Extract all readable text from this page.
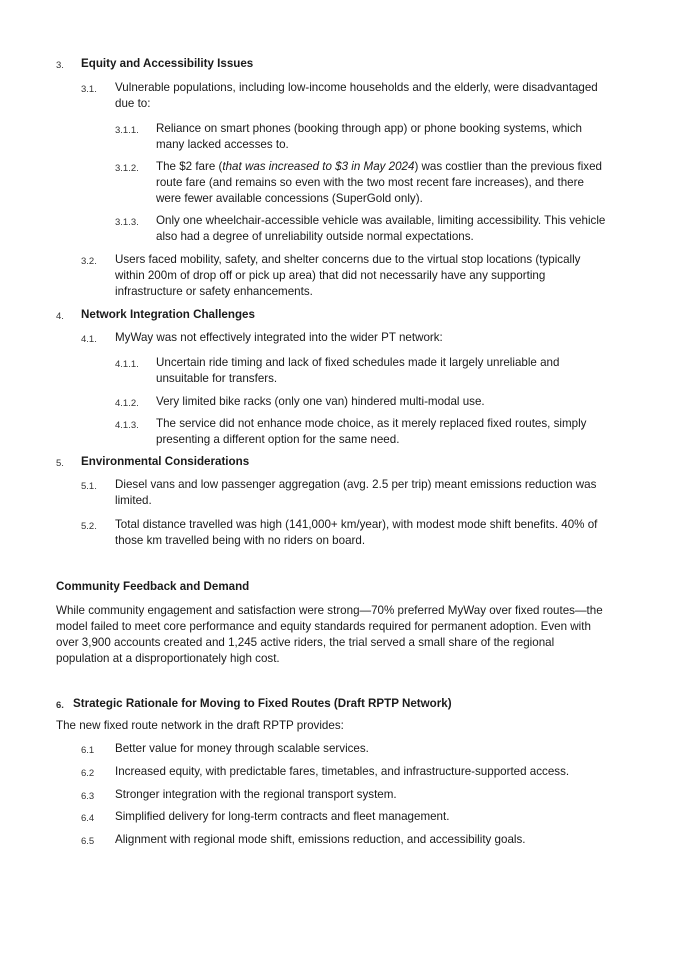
3. Equity and Accessibility Issues
3.1. Vulnerable populations, including low-income households and the elderly, were disadvantaged
due to:
3.1.1. Reliance on smart phones (booking through app) or phone booking systems, which
many lacked accesses to.
3.1.2. The $2 fare (that was increased to $3 in May 2024) was costlier than the previous fixed
route fare (and remains so even with the two most recent fare increases), and there
were fewer available concessions (SuperGold only).
3.1.3. Only one wheelchair-accessible vehicle was available, limiting accessibility. This vehicle
also had a degree of unreliability outside normal expectations.
3.2. Users faced mobility, safety, and shelter concerns due to the virtual stop locations (typically
within 200m of drop off or pick up area) that did not necessarily have any supporting
infrastructure or safety enhancements.
4. Network Integration Challenges
4.1. MyWay was not effectively integrated into the wider PT network:
4.1.1. Uncertain ride timing and lack of fixed schedules made it largely unreliable and
unsuitable for transfers.
4.1.2. Very limited bike racks (only one van) hindered multi-modal use.
4.1.3. The service did not enhance mode choice, as it merely replaced fixed routes, simply
presenting a different option for the same need.
5. Environmental Considerations
5.1. Diesel vans and low passenger aggregation (avg. 2.5 per trip) meant emissions reduction was
limited.
5.2. Total distance travelled was high (141,000+ km/year), with modest mode shift benefits. 40% of
those km travelled being with no riders on board.
Community Feedback and Demand
While community engagement and satisfaction were strong—70% preferred MyWay over fixed routes—the
model failed to meet core performance and equity standards required for permanent adoption. Even with
over 3,900 accounts created and 1,245 active riders, the trial served a small share of the regional
population at a disproportionately high cost.
6. Strategic Rationale for Moving to Fixed Routes (Draft RPTP Network)
The new fixed route network in the draft RPTP provides:
6.1 Better value for money through scalable services.
6.2 Increased equity, with predictable fares, timetables, and infrastructure-supported access.
6.3 Stronger integration with the regional transport system.
6.4 Simplified delivery for long-term contracts and fleet management.
6.5 Alignment with regional mode shift, emissions reduction, and accessibility goals.
